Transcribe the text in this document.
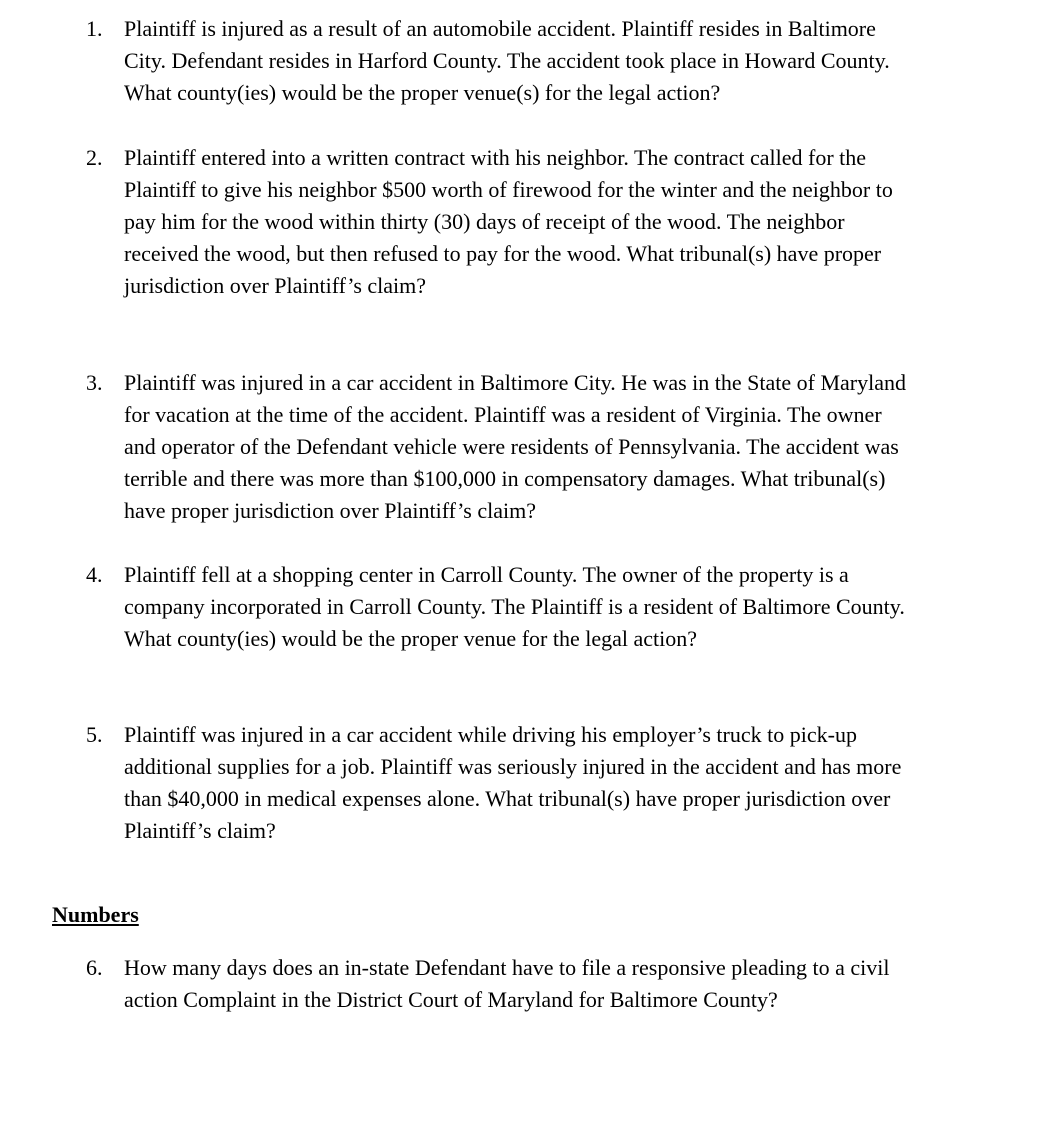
1. Plaintiff is injured as a result of an automobile accident. Plaintiff resides in Baltimore

City. Defendant resides in Harford County. The accident took place in Howard County.

What county(ies) would be the proper venue(s) for the legal action?

2. Plaintiff entered into a written contract with his neighbor. The contract called for the

Plaintiff to give his neighbor $500 worth of firewood for the winter and the neighbor to

pay him for the wood within thirty (30) days of receipt of the wood. The neighbor

received the wood, but then refused to pay for the wood. What tribunal(s) have proper

jurisdiction over Plaintiff’s claim?

3. Plaintiff was injured in a car accident in Baltimore City. He was in the State of Maryland

for vacation at the time of the accident. Plaintiff was a resident of Virginia. The owner

and operator of the Defendant vehicle were residents of Pennsylvania. The accident was

terrible and there was more than $100,000 in compensatory damages. What tribunal(s)

have proper jurisdiction over Plaintiff’s claim?

4. Plaintiff fell at a shopping center in Carroll County. The owner of the property is a

company incorporated in Carroll County. The Plaintiff is a resident of Baltimore County.

What county(ies) would be the proper venue for the legal action?

5. Plaintiff was injured in a car accident while driving his employer’s truck to pick-up

additional supplies for a job. Plaintiff was seriously injured in the accident and has more

than $40,000 in medical expenses alone. What tribunal(s) have proper jurisdiction over

Plaintiff’s claim?

Numbers
6. How many days does an in-state Defendant have to file a responsive pleading to a civil

action Complaint in the District Court of Maryland for Baltimore County?
